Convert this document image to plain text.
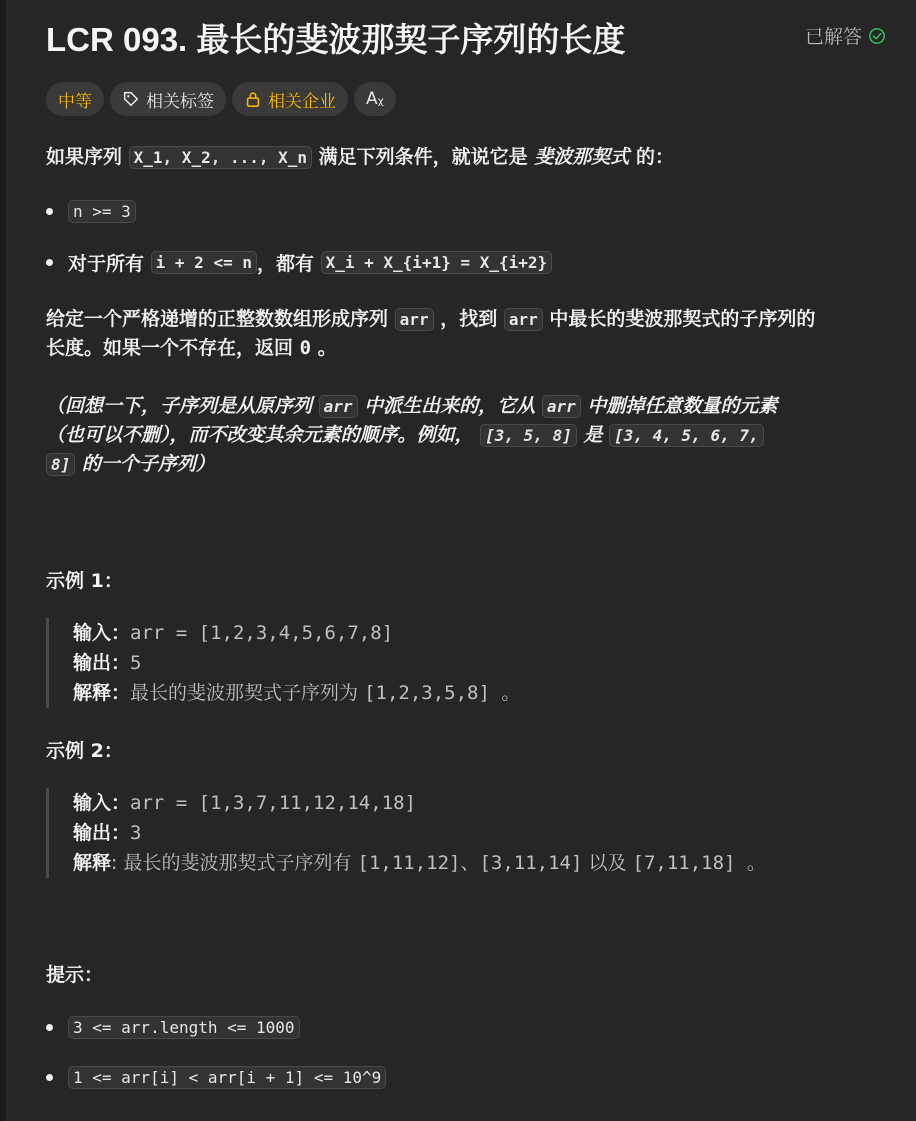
LCR 093. 最长的斐波那契子序列的长度	已解答
中等	相关标签	相关企业 Aᵪ
如果序列 X_1, X_2, ..., X_n 满足下列条件，就说它是 斐波那契式 的：
n >= 3
对于所有
i + 2 <= n ，都有
X_i + X_{i+1} = X_{i+2}
给定一个严格递增的正整数数组形成序列 arr ，找到 arr 中最长的斐波那契式的子序列的
长度。如果一个不存在，返回 0 。
（回想一下，子序列是从原序列 arr 中派生出来的，它从 arr 中删掉任意数量的元素
（也可以不删），而不改变其余元素的顺序。例如， [3, 5, 8] 是 [3, 4, 5, 6, 7,
8] 的一个子序列）
示例 1：
输入：arr = [1,2,3,4,5,6,7,8]
输出：5
解释：最长的斐波那契式子序列为 [1,2,3,5,8] 。
示例 2：
输入：arr = [1,3,7,11,12,14,18]
输出：3
解释: 最长的斐波那契式子序列有 [1,11,12]、[3,11,14] 以及 [7,11,18] 。
提示：
3 <= arr.length <= 1000
1 <= arr[i] < arr[i + 1] <= 10^9
